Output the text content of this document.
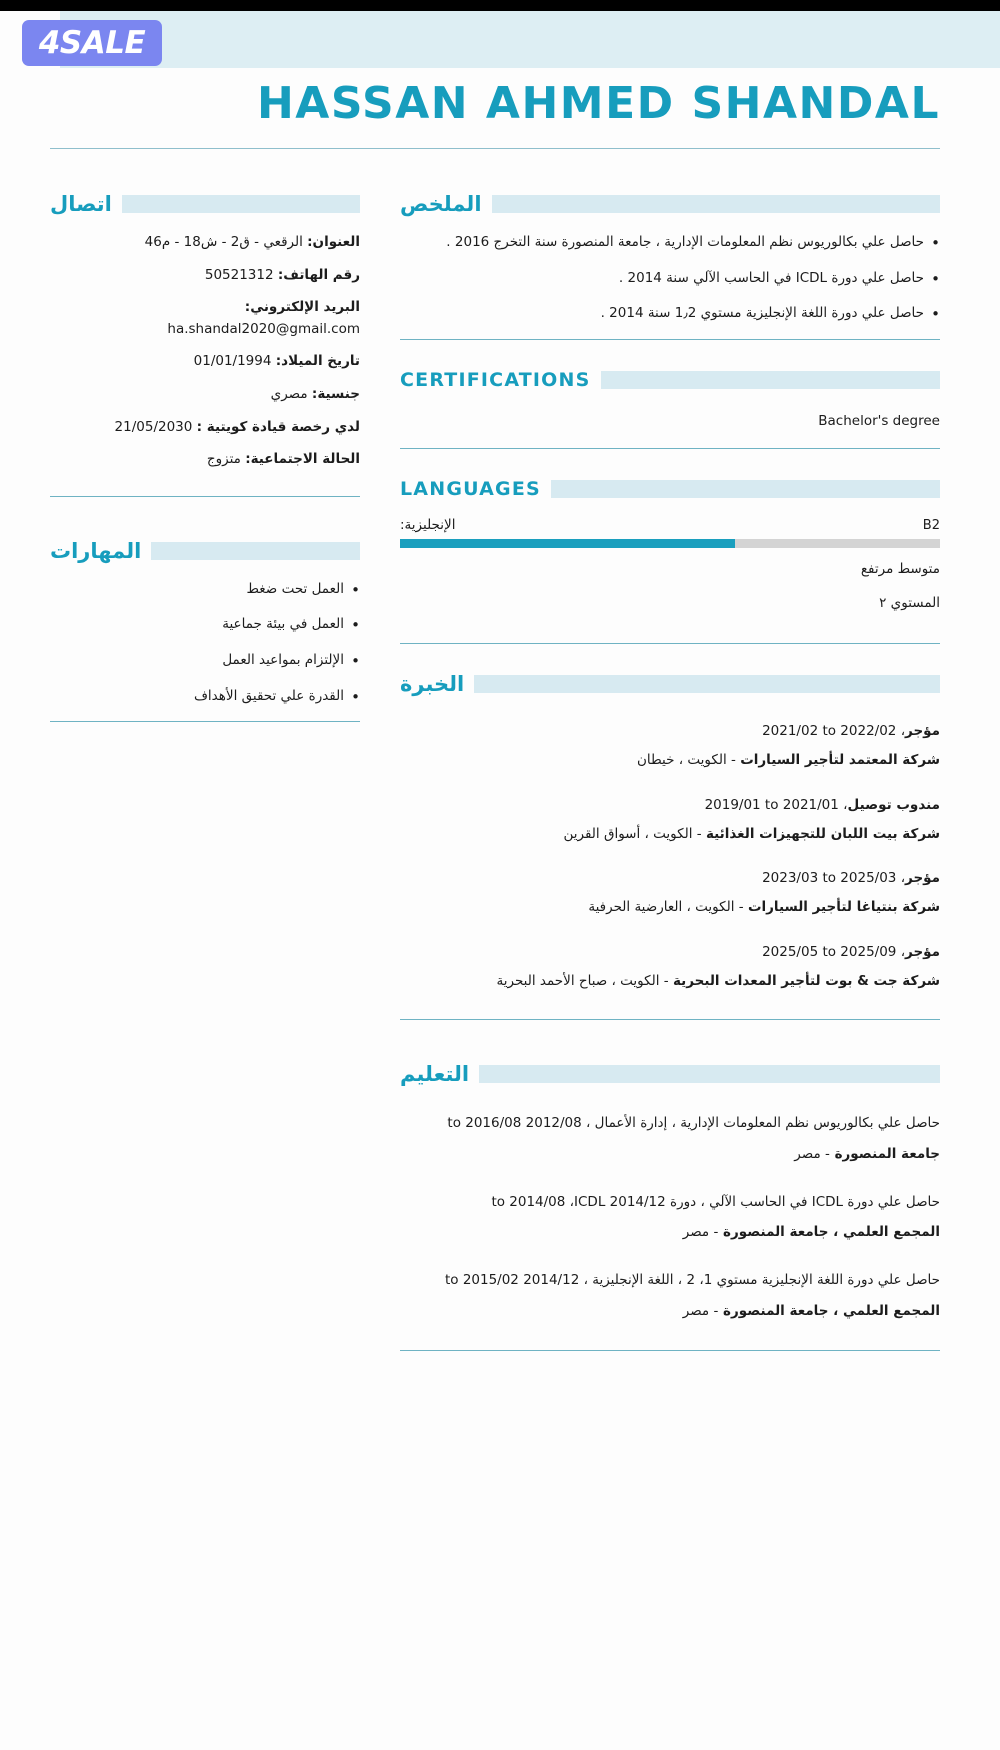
4SALE
HASSAN AHMED SHANDAL
اتصال
العنوان: الرقعي - ق2 - ش18 - م46
رقم الهاتف: 50521312
البريد الإلكتروني: ha.shandal2020@gmail.com
تاريخ الميلاد: 01/01/1994
جنسية: مصري
لدي رخصة قيادة كويتية : 21/05/2030
الحالة الاجتماعية: متزوج
المهارات
• العمل تحت ضغط
• العمل في بيئة جماعية
• الإلتزام بمواعيد العمل
• القدرة علي تحقيق الأهداف
الملخص
• حاصل علي بكالوريوس نظم المعلومات الإدارية ، جامعة المنصورة سنة التخرج 2016 .
• حاصل علي دورة ICDL في الحاسب الآلي سنة 2014 .
• حاصل علي دورة اللغة الإنجليزية مستوي 1٫2 سنة 2014 .
CERTIFICATIONS
Bachelor's degree
LANGUAGES
الإنجليزية:	B2
متوسط مرتفع
المستوي ٢
الخبرة
مؤجر، 2021/02 to 2022/02
شركة المعتمد لتأجير السيارات - الكويت ، خيطان
مندوب توصيل، 2019/01 to 2021/01
شركة بيت اللبان للتجهيزات الغذائية - الكويت ، أسواق القرين
مؤجر، 2023/03 to 2025/03
شركة بنتياغا لتأجير السيارات - الكويت ، العارضية الحرفية
مؤجر، 2025/05 to 2025/09
شركة جت & بوت لتأجير المعدات البحرية - الكويت ، صباح الأحمد البحرية
التعليم
حاصل علي بكالوريوس نظم المعلومات الإدارية ، إدارة الأعمال ، 2012/08 to 2016/08
جامعة المنصورة - مصر
حاصل علي دورة ICDL في الحاسب الآلي ، دورة 2014/12 to 2014/08 ،ICDL
المجمع العلمي ، جامعة المنصورة - مصر
حاصل علي دورة اللغة الإنجليزية مستوي 1، 2 ، اللغة الإنجليزية ، 2014/12 to 2015/02
المجمع العلمي ، جامعة المنصورة - مصر
